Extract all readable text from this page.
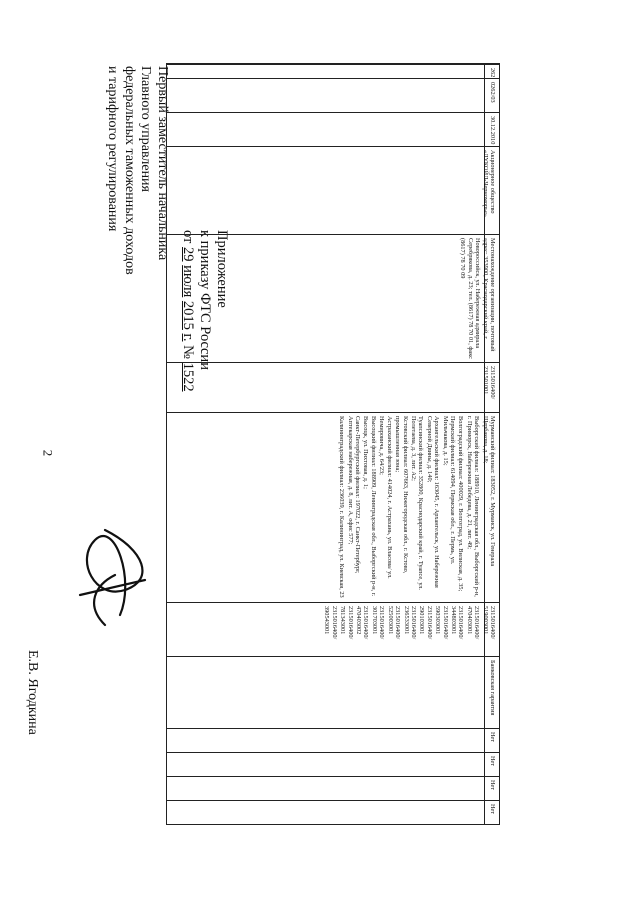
2
Приложение
к приказу ФТС России
от 29 июля 2015 г. № 1522
262
0262/03
30.12.2010
Акционерное общество «ЛУКОЙЛ-Черноморье»
Местонахождение организации, почтовый адрес: 353900, Краснодарский край, г. Новороссийск, ул. Набережная адмирала Серебрякова, д. 23; тел. (8617) 78 70 01, факс (8617) 78 70 09
2315016400/ 231501001
Мурманский филиал: 183052, г. Мурманск, ул. Генерала Щербакова, д. 18;
Выборгский филиал: 188910, Ленинградская обл., Выборгский р-н, г. Приморск, Набережная Лебедева, д. 21, лит. 49;
Волгоградский филиал: 400029, г. Волгоград, ул. Вилиская, д. 35;
Пермский филиал: 614094, Пермская обл., г. Пермь, ул. Мильчакова, д. 15;
Архангельский филиал: 163045, г. Архангельск, ул. Набережная Северной Двины, д. 140;
Туапсинский филиал: 352800, Краснодарский край, г. Туапсе, ул. Полетаева, д. 3, лит. А2;
Кстовский филиал: 607663, Нижегородская обл., г. Кстово, промышленная зона;
Астраханский филиал: 414024, г. Астрахань, ул. Власова/ ул. Немировича, д. 64/23;
Высоцкий филиал: 188909, Ленинградская обл., Выборгский р-н, г. Высоцк, ул. Пихтовая, д. 1;
Санкт-Петербургский филиал: 197022, г. Санкт-Петербург, Аптекарская набережная, д. 8, лит. А, офис 577;
Калининградский филиал: 236039, г. Калининград, ул. Киевская, 23
2315016400/ 519003001
2315016400/ 470403001
2315016400/ 344803001
2315016400/ 590303001
2315016400/ 290103001
2315016400/ 236533001
2315016400/ 525003001
2315016400/ 301703001
2315016400/ 470403002
2315016400/ 781343001
2315016400/ 390543001
Банковская гарантия
Нет
Нет
Нет
Нет
Первый заместитель начальника
Главного управления
федеральных таможенных доходов
и тарифного регулирования
Е.В. Ягодкина
